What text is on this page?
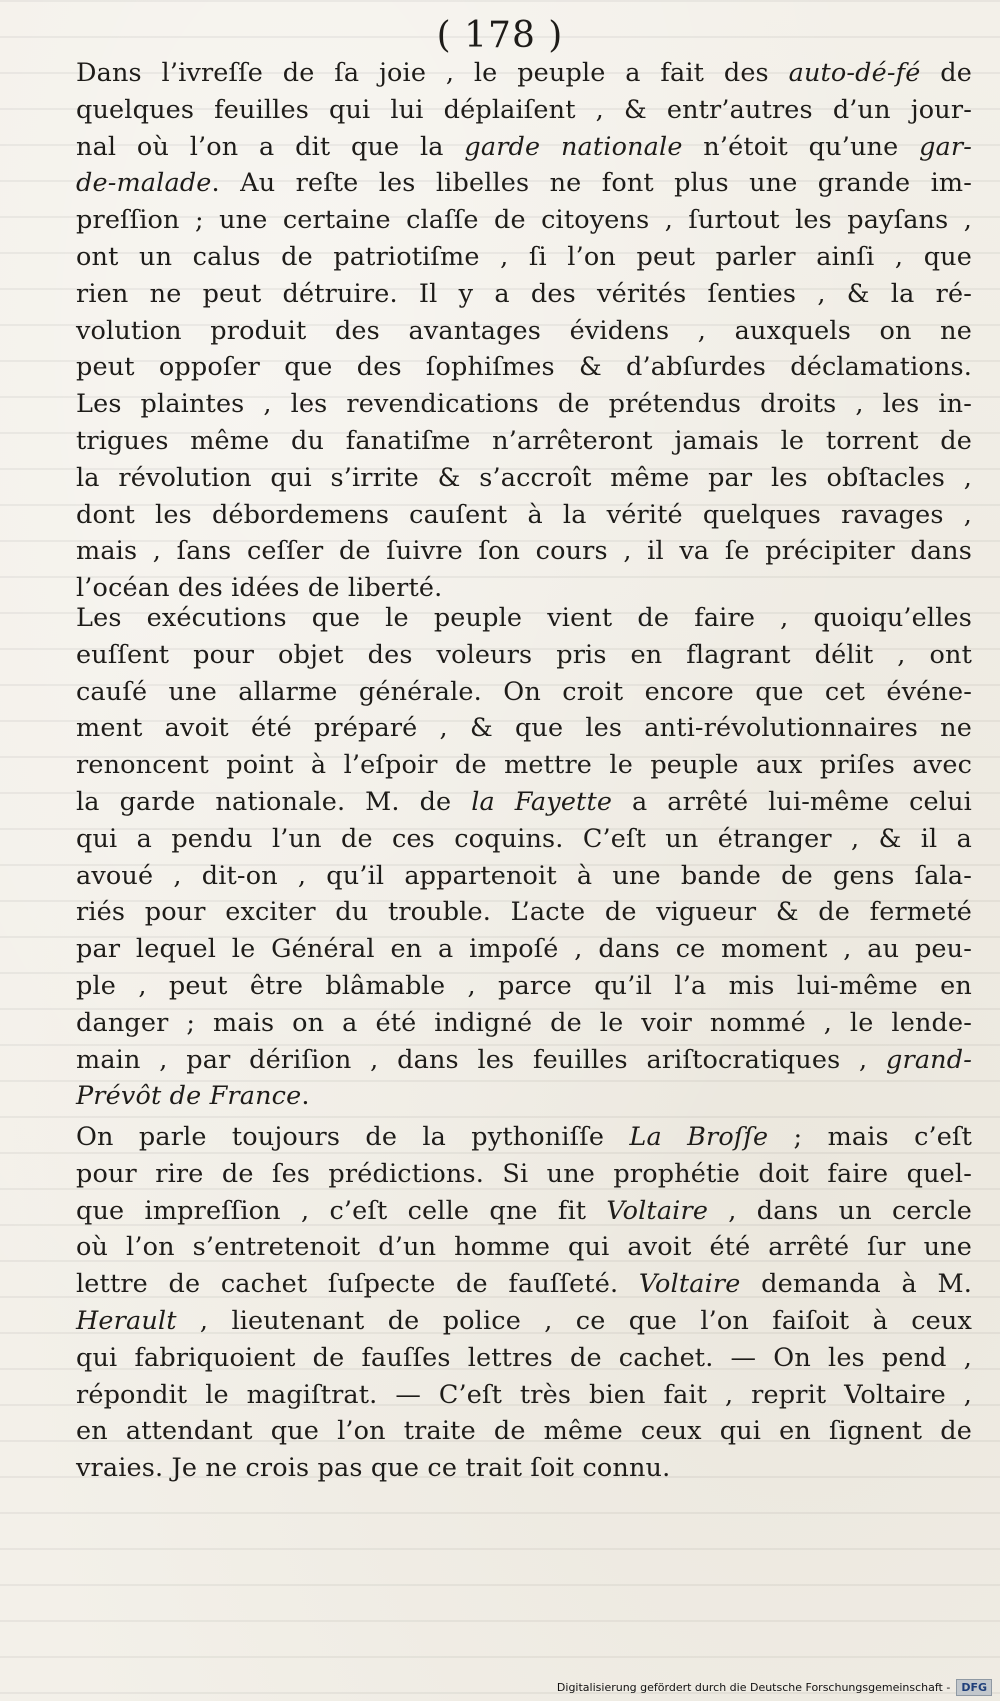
( 178 )
Dans l’ivreſſe de ſa joie , le peuple a fait des auto-dé-fé de
quelques feuilles qui lui déplaiſent , & entr’autres d’un jour-
nal où l’on a dit que la garde nationale n’étoit qu’une gar-
de-malade. Au reſte les libelles ne font plus une grande im-
preſſion ; une certaine claſſe de citoyens , ſurtout les payſans ,
ont un calus de patriotiſme , ſi l’on peut parler ainſi , que
rien ne peut détruire. Il y a des vérités ſenties , & la ré-
volution produit des avantages évidens , auxquels on ne
peut oppoſer que des ſophiſmes & d’abſurdes déclamations.
Les plaintes , les revendications de prétendus droits , les in-
trigues même du fanatiſme n’arrêteront jamais le torrent de
la révolution qui s’irrite & s’accroît même par les obſtacles ,
dont les débordemens cauſent à la vérité quelques ravages ,
mais , ſans ceſſer de ſuivre ſon cours , il va ſe précipiter dans
l’océan des idées de liberté.
Les exécutions que le peuple vient de faire , quoiqu’elles
euſſent pour objet des voleurs pris en flagrant délit , ont
cauſé une allarme générale. On croit encore que cet événe-
ment avoit été préparé , & que les anti-révolutionnaires ne
renoncent point à l’eſpoir de mettre le peuple aux priſes avec
la garde nationale. M. de la Fayette a arrêté lui-même celui
qui a pendu l’un de ces coquins. C’eſt un étranger , & il a
avoué , dit-on , qu’il appartenoit à une bande de gens ſala-
riés pour exciter du trouble. L’acte de vigueur & de fermeté
par lequel le Général en a impoſé , dans ce moment , au peu-
ple , peut être blâmable , parce qu’il l’a mis lui-même en
danger ; mais on a été indigné de le voir nommé , le lende-
main , par dériſion , dans les feuilles ariſtocratiques , grand-
Prévôt de France.
On parle toujours de la pythoniſſe La Broſſe ; mais c’eſt
pour rire de ſes prédictions. Si une prophétie doit faire quel-
que impreſſion , c’eſt celle qne fit Voltaire , dans un cercle
où l’on s’entretenoit d’un homme qui avoit été arrêté ſur une
lettre de cachet ſuſpecte de fauſſeté. Voltaire demanda à M.
Herault , lieutenant de police , ce que l’on faiſoit à ceux
qui fabriquoient de fauſſes lettres de cachet. — On les pend ,
répondit le magiſtrat. — C’eſt très bien fait , reprit Voltaire ,
en attendant que l’on traite de même ceux qui en ſignent de
vraies. Je ne crois pas que ce trait ſoit connu.
Digitalisierung gefördert durch die Deutsche Forschungsgemeinschaft -	DFG
